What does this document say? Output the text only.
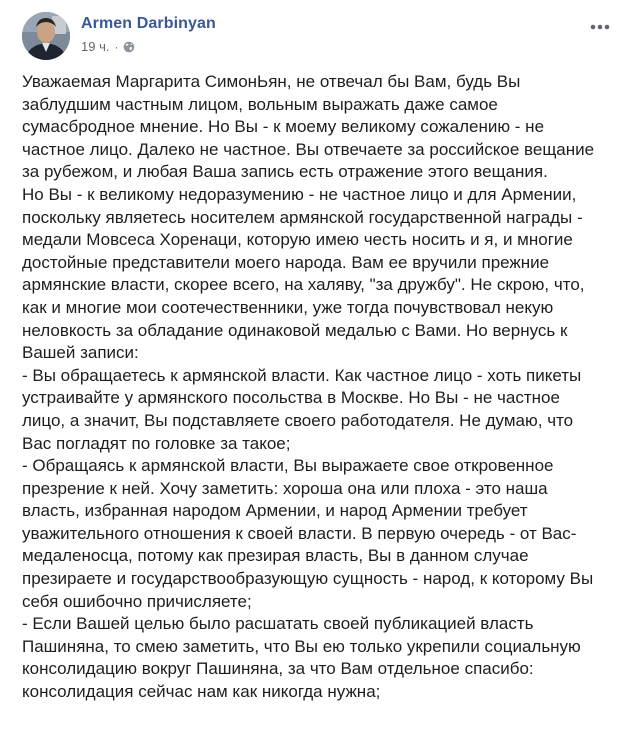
Armen Darbinyan
19 ч. ·

Уважаемая Маргарита СимонЬян, не отвечал бы Вам, будь Вы

заблудшим частным лицом, вольным выражать даже самое

сумасбродное мнение. Но Вы - к моему великому сожалению - не

частное лицо. Далеко не частное. Вы отвечаете за российское вещание

за рубежом, и любая Ваша запись есть отражение этого вещания.

Но Вы - к великому недоразумению - не частное лицо и для Армении,

поскольку являетесь носителем армянской государственной награды -

медали Мовсеса Хоренаци, которую имею честь носить и я, и многие

достойные представители моего народа. Вам ее вручили прежние

армянские власти, скорее всего, на халяву, "за дружбу". Не скрою, что,

как и многие мои соотечественники, уже тогда почувствовал некую

неловкость за обладание одинаковой медалью с Вами. Но вернусь к

Вашей записи:

- Вы обращаетесь к армянской власти. Как частное лицо - хоть пикеты

устраивайте у армянского посольства в Москве. Но Вы - не частное

лицо, а значит, Вы подставляете своего работодателя. Не думаю, что

Вас погладят по головке за такое;

- Обращаясь к армянской власти, Вы выражаете свое откровенное

презрение к ней. Хочу заметить: хороша она или плоха - это наша

власть, избранная народом Армении, и народ Армении требует

уважительного отношения к своей власти. В первую очередь - от Вас-

медаленосца, потому как презирая власть, Вы в данном случае

презираете и государствообразующую сущность - народ, к которому Вы

себя ошибочно причисляете;

- Если Вашей целью было расшатать своей публикацией власть

Пашиняна, то смею заметить, что Вы ею только укрепили социальную

консолидацию вокруг Пашиняна, за что Вам отдельное спасибо:

консолидация сейчас нам как никогда нужна;
